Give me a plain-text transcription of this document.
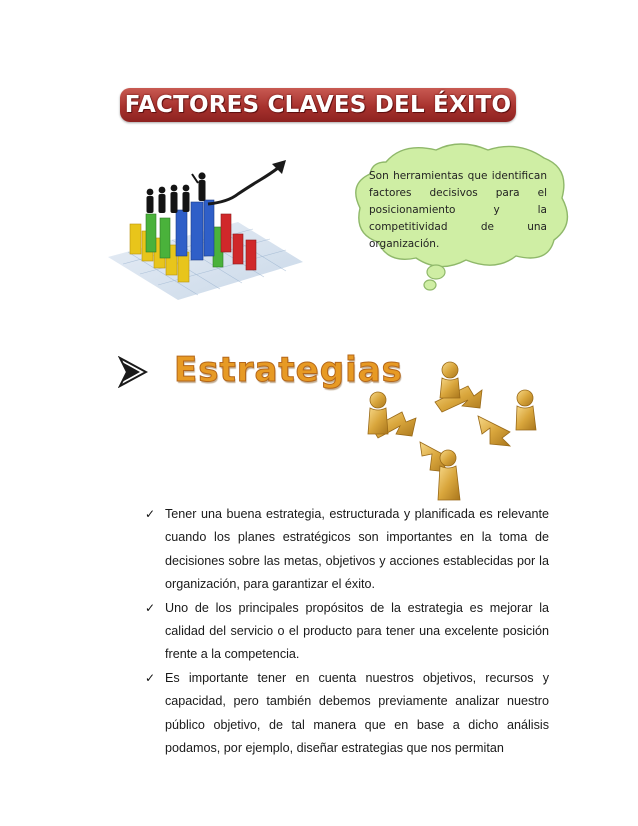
FACTORES CLAVES DEL ÉXITO
Son herramientas que identifican factores decisivos para el posicionamiento y la competitividad de una organización.
Estrategias
✓ Tener una buena estrategia, estructurada y planificada es relevante cuando los planes estratégicos son importantes en la toma de decisiones sobre las metas, objetivos y acciones establecidas por la organización, para garantizar el éxito.
✓ Uno de los principales propósitos de la estrategia es mejorar la calidad del servicio o el producto para tener una excelente posición frente a la competencia.
✓ Es importante tener en cuenta nuestros objetivos, recursos y capacidad, pero también debemos previamente analizar nuestro público objetivo, de tal manera que en base a dicho análisis podamos, por ejemplo, diseñar estrategias que nos permitan
